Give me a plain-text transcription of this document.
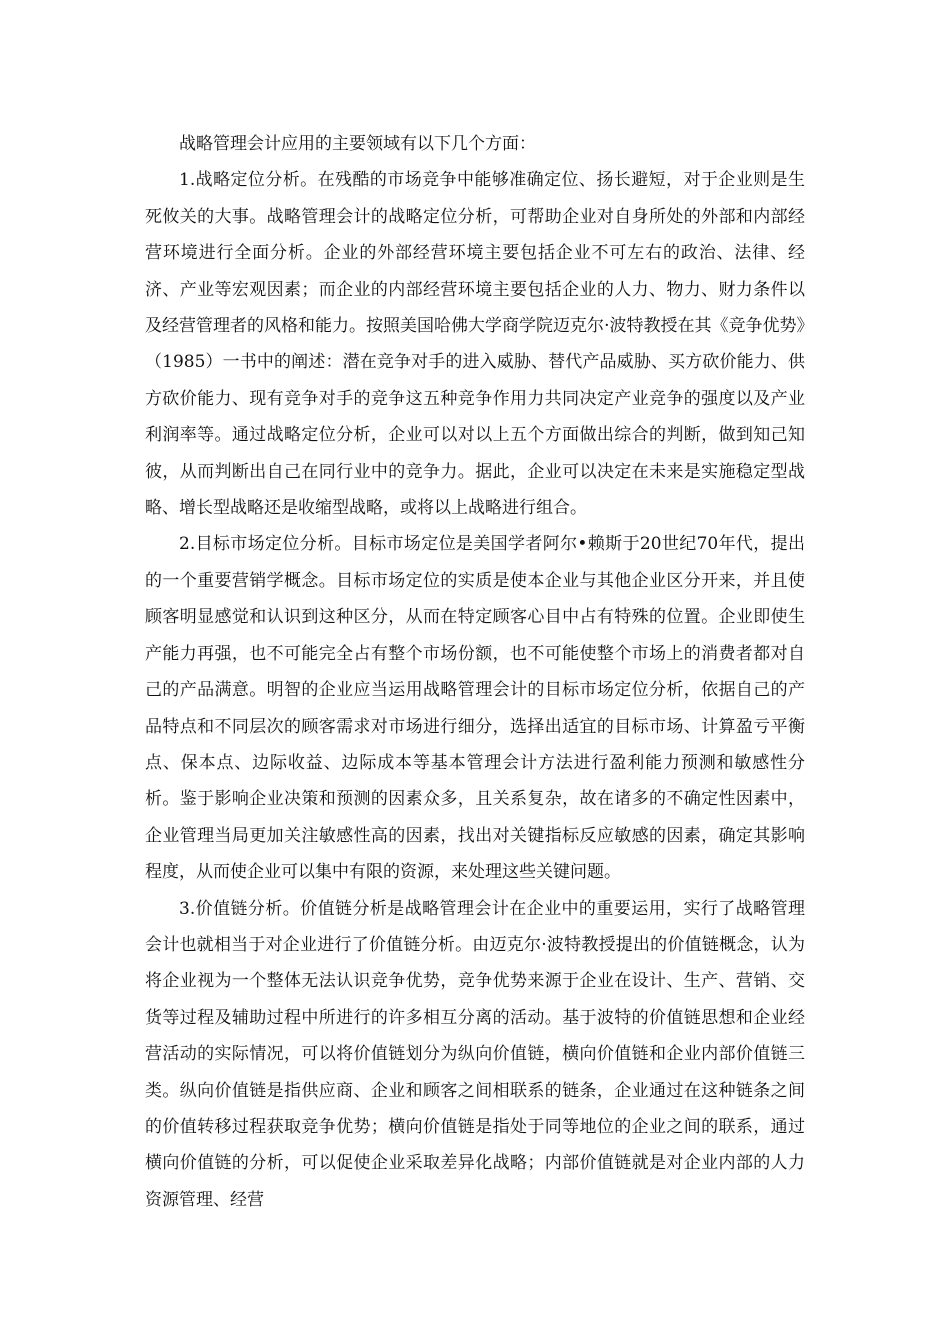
战略管理会计应用的主要领域有以下几个方面：

1.战略定位分析。在残酷的市场竞争中能够准确定位、扬长避短，对于企业则是生死攸关的大事。战略管理会计的战略定位分析，可帮助企业对自身所处的外部和内部经营环境进行全面分析。企业的外部经营环境主要包括企业不可左右的政治、法律、经济、产业等宏观因素；而企业的内部经营环境主要包括企业的人力、物力、财力条件以及经营管理者的风格和能力。按照美国哈佛大学商学院迈克尔·波特教授在其《竞争优势》（1985）一书中的阐述：潜在竞争对手的进入威胁、替代产品威胁、买方砍价能力、供方砍价能力、现有竞争对手的竞争这五种竞争作用力共同决定产业竞争的强度以及产业利润率等。通过战略定位分析，企业可以对以上五个方面做出综合的判断，做到知己知彼，从而判断出自己在同行业中的竞争力。据此，企业可以决定在未来是实施稳定型战略、增长型战略还是收缩型战略，或将以上战略进行组合。

2.目标市场定位分析。目标市场定位是美国学者阿尔•赖斯于20世纪70年代，提出的一个重要营销学概念。目标市场定位的实质是使本企业与其他企业区分开来，并且使顾客明显感觉和认识到这种区分，从而在特定顾客心目中占有特殊的位置。企业即使生产能力再强，也不可能完全占有整个市场份额，也不可能使整个市场上的消费者都对自己的产品满意。明智的企业应当运用战略管理会计的目标市场定位分析，依据自己的产品特点和不同层次的顾客需求对市场进行细分，选择出适宜的目标市场、计算盈亏平衡点、保本点、边际收益、边际成本等基本管理会计方法进行盈利能力预测和敏感性分析。鉴于影响企业决策和预测的因素众多，且关系复杂，故在诸多的不确定性因素中，企业管理当局更加关注敏感性高的因素，找出对关键指标反应敏感的因素，确定其影响程度，从而使企业可以集中有限的资源，来处理这些关键问题。

3.价值链分析。价值链分析是战略管理会计在企业中的重要运用，实行了战略管理会计也就相当于对企业进行了价值链分析。由迈克尔·波特教授提出的价值链概念，认为将企业视为一个整体无法认识竞争优势，竞争优势来源于企业在设计、生产、营销、交货等过程及辅助过程中所进行的许多相互分离的活动。基于波特的价值链思想和企业经营活动的实际情况，可以将价值链划分为纵向价值链，横向价值链和企业内部价值链三类。纵向价值链是指供应商、企业和顾客之间相联系的链条，企业通过在这种链条之间的价值转移过程获取竞争优势；横向价值链是指处于同等地位的企业之间的联系，通过横向价值链的分析，可以促使企业采取差异化战略；内部价值链就是对企业内部的人力资源管理、经营
